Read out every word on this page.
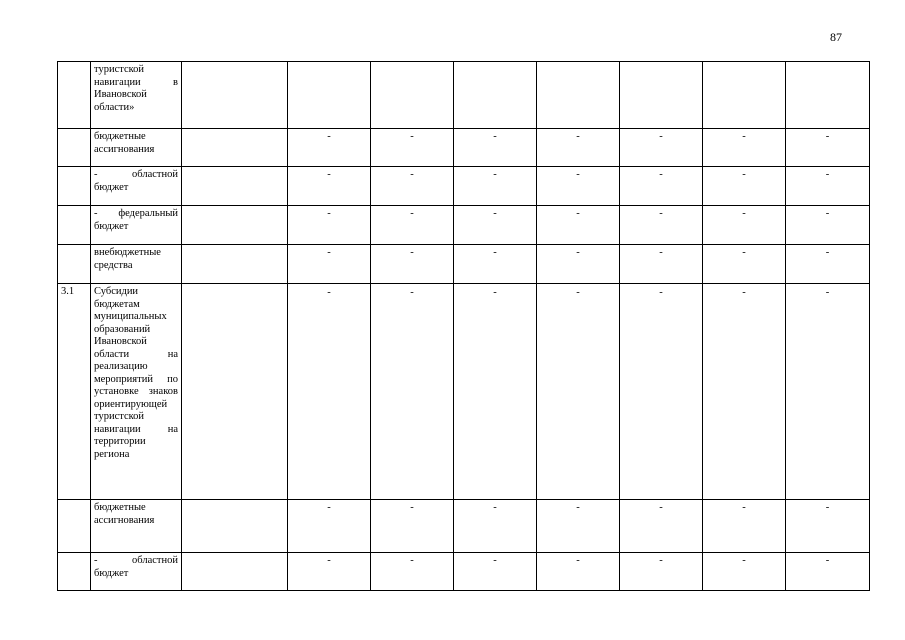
87
	туристской навигации в Ивановской области»								
	бюджетные ассигнования		-	-	-	-	-	-	-
	- областной бюджет		-	-	-	-	-	-	-
	- федеральный бюджет		-	-	-	-	-	-	-
	внебюджетные средства		-	-	-	-	-	-	-
3.1	Субсидии бюджетам муниципальных образований Ивановской области на реализацию мероприятий по установке знаков ориентирующей туристской навигации на территории региона		-	-	-	-	-	-	-
	бюджетные ассигнования		-	-	-	-	-	-	-
	- областной бюджет		-	-	-	-	-	-	-
